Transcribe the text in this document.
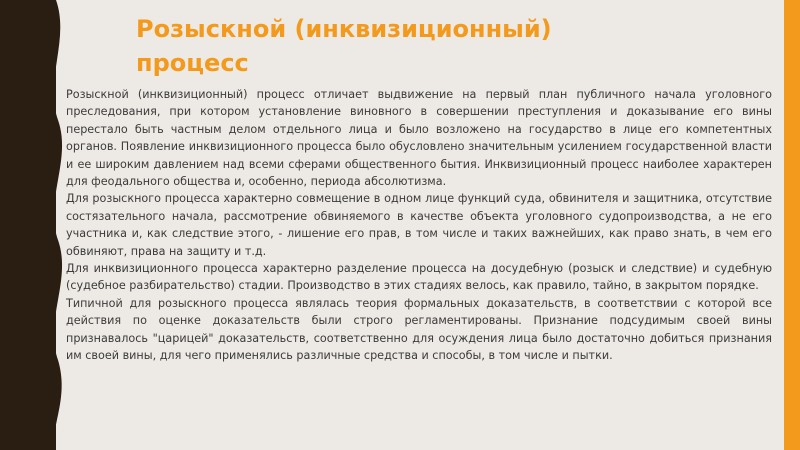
Розыскной (инквизиционный) процесс

Розыскной (инквизиционный) процесс отличает выдвижение на первый план публичного начала уголовного преследования, при котором установление виновного в совершении преступления и доказывание его вины перестало быть частным делом отдельного лица и было возложено на государство в лице его компетентных органов. Появление инквизиционного процесса было обусловлено значительным усилением государственной власти и ее широким давлением над всеми сферами общественного бытия. Инквизиционный процесс наиболее характерен для феодального общества и, особенно, периода абсолютизма.

Для розыскного процесса характерно совмещение в одном лице функций суда, обвинителя и защитника, отсутствие состязательного начала, рассмотрение обвиняемого в качестве объекта уголовного судопроизводства, а не его участника и, как следствие этого, - лишение его прав, в том числе и таких важнейших, как право знать, в чем его обвиняют, права на защиту и т.д.

Для инквизиционного процесса характерно разделение процесса на досудебную (розыск и следствие) и судебную (судебное разбирательство) стадии. Производство в этих стадиях велось, как правило, тайно, в закрытом порядке.

Типичной для розыскного процесса являлась теория формальных доказательств, в соответствии с которой все действия по оценке доказательств были строго регламентированы. Признание подсудимым своей вины признавалось "царицей" доказательств, соответственно для осуждения лица было достаточно добиться признания им своей вины, для чего применялись различные средства и способы, в том числе и пытки.
